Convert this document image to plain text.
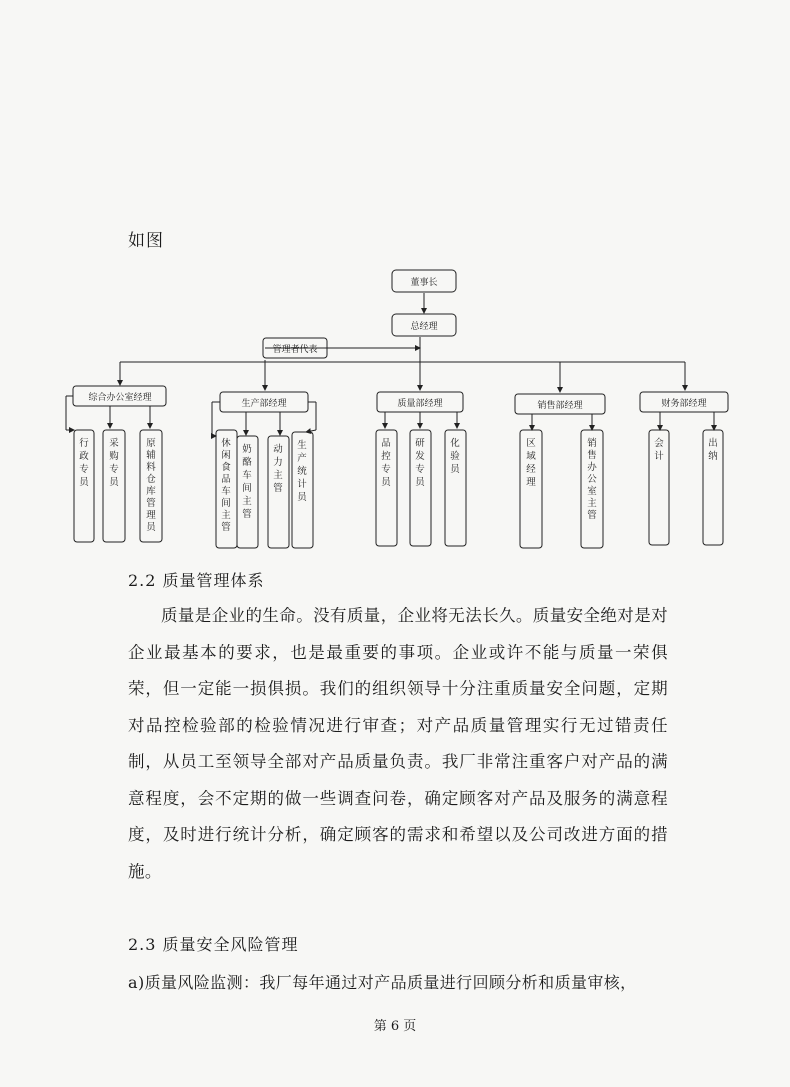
如图
董事长
总经理
管理者代表
综合办公室经理
生产部经理	质量部经理	销售部经理	财务部经理
行政专员
采购专员
原辅料仓库管理员
休闲食品车间主管
奶酪车间主管
动力主管
生产统计员
品控专员
研发专员
化验员
区域经理
销售办公室主管
会计
出纳
2.2 质量管理体系
质量是企业的生命。没有质量，企业将无法长久。质量安全绝对是对企业最基本的要求，也是最重要的事项。企业或许不能与质量一荣俱荣，但一定能一损俱损。我们的组织领导十分注重质量安全问题，定期对品控检验部的检验情况进行审查；对产品质量管理实行无过错责任制，从员工至领导全部对产品质量负责。我厂非常注重客户对产品的满意程度，会不定期的做一些调查问卷，确定顾客对产品及服务的满意程度，及时进行统计分析，确定顾客的需求和希望以及公司改进方面的措施。
2.3 质量安全风险管理
a)质量风险监测：我厂每年通过对产品质量进行回顾分析和质量审核，
第 6 页
